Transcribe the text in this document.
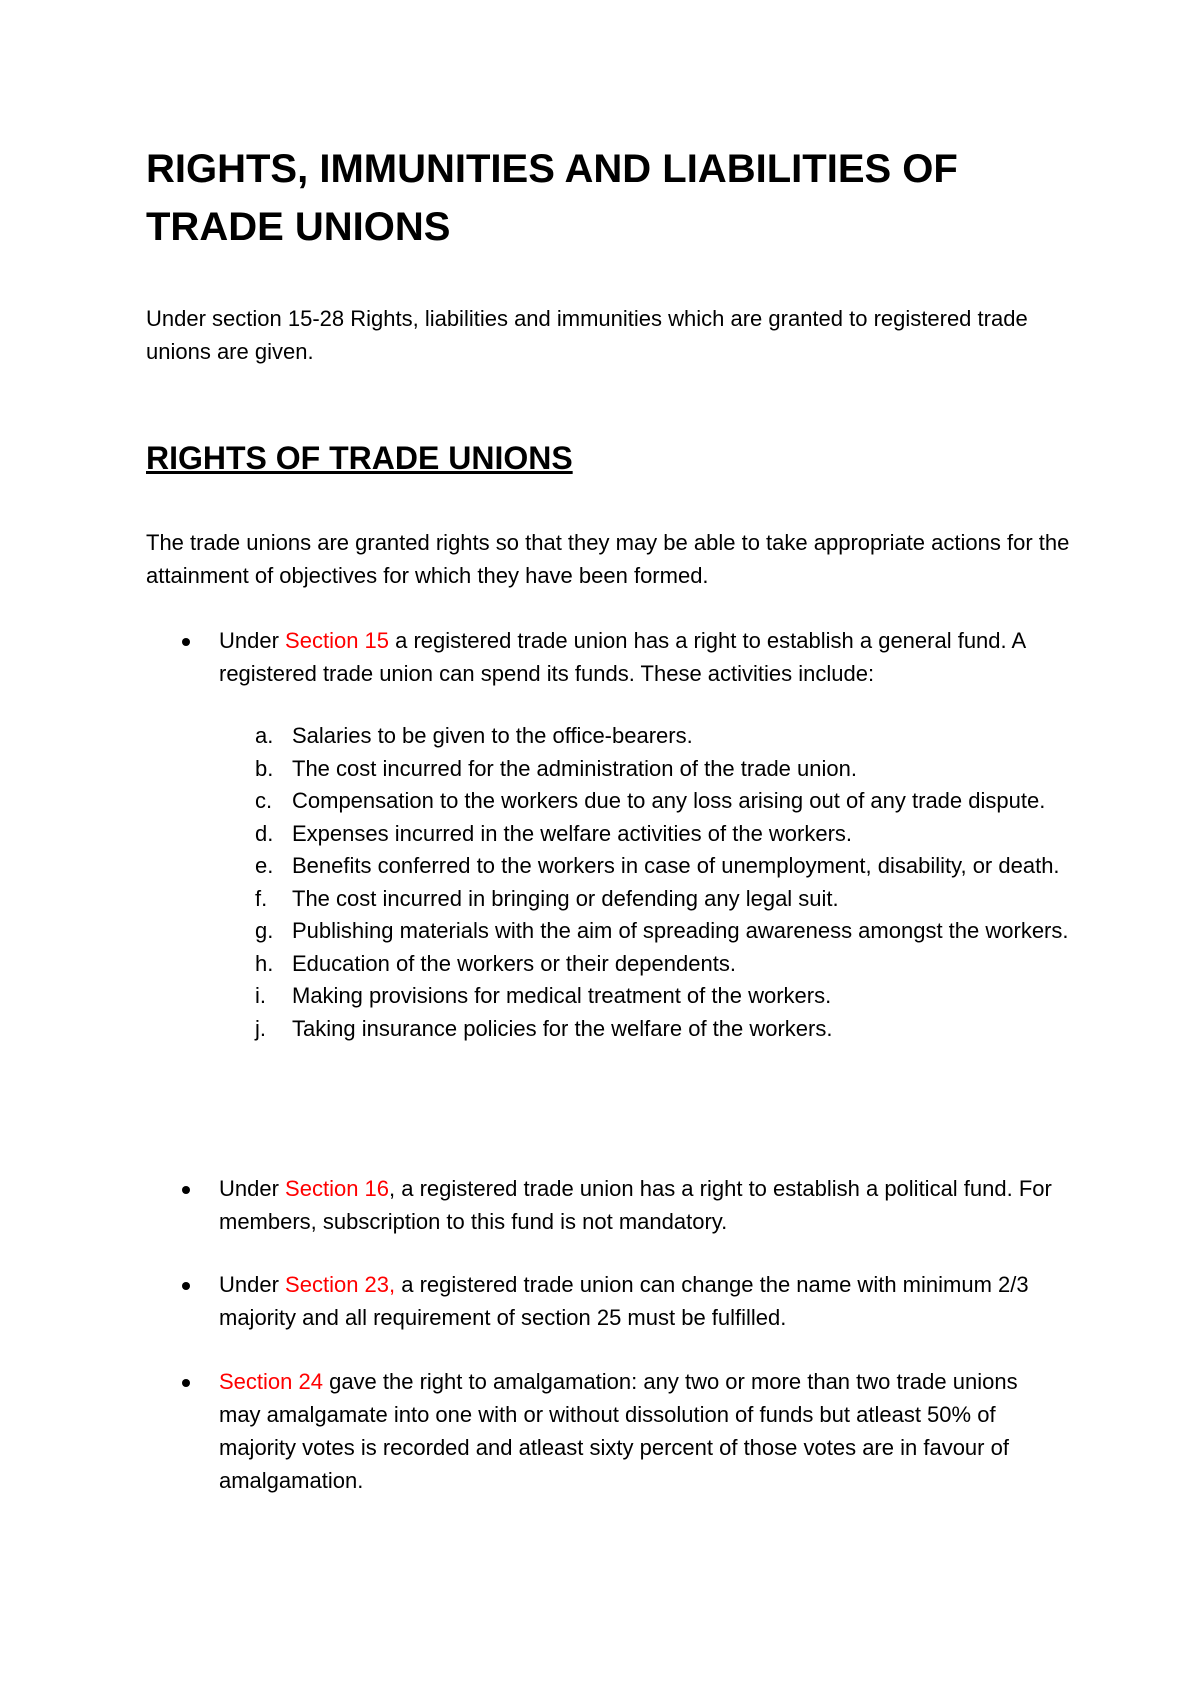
RIGHTS, IMMUNITIES AND LIABILITIES OF TRADE UNIONS

Under section 15-28 Rights, liabilities and immunities which are granted to registered trade unions are given.

RIGHTS OF TRADE UNIONS

The trade unions are granted rights so that they may be able to take appropriate actions for the attainment of objectives for which they have been formed.

Under Section 15 a registered trade union has a right to establish a general fund. A registered trade union can spend its funds. These activities include:
a. Salaries to be given to the office-bearers.
b. The cost incurred for the administration of the trade union.
c. Compensation to the workers due to any loss arising out of any trade dispute.
d. Expenses incurred in the welfare activities of the workers.
e. Benefits conferred to the workers in case of unemployment, disability, or death.
f. The cost incurred in bringing or defending any legal suit.
g. Publishing materials with the aim of spreading awareness amongst the workers.
h. Education of the workers or their dependents.
i. Making provisions for medical treatment of the workers.
j. Taking insurance policies for the welfare of the workers.
Under Section 16, a registered trade union has a right to establish a political fund. For members, subscription to this fund is not mandatory.
Under Section 23, a registered trade union can change the name with minimum 2/3 majority and all requirement of section 25 must be fulfilled.
Section 24 gave the right to amalgamation: any two or more than two trade unions may amalgamate into one with or without dissolution of funds but atleast 50% of majority votes is recorded and atleast sixty percent of those votes are in favour of amalgamation.
